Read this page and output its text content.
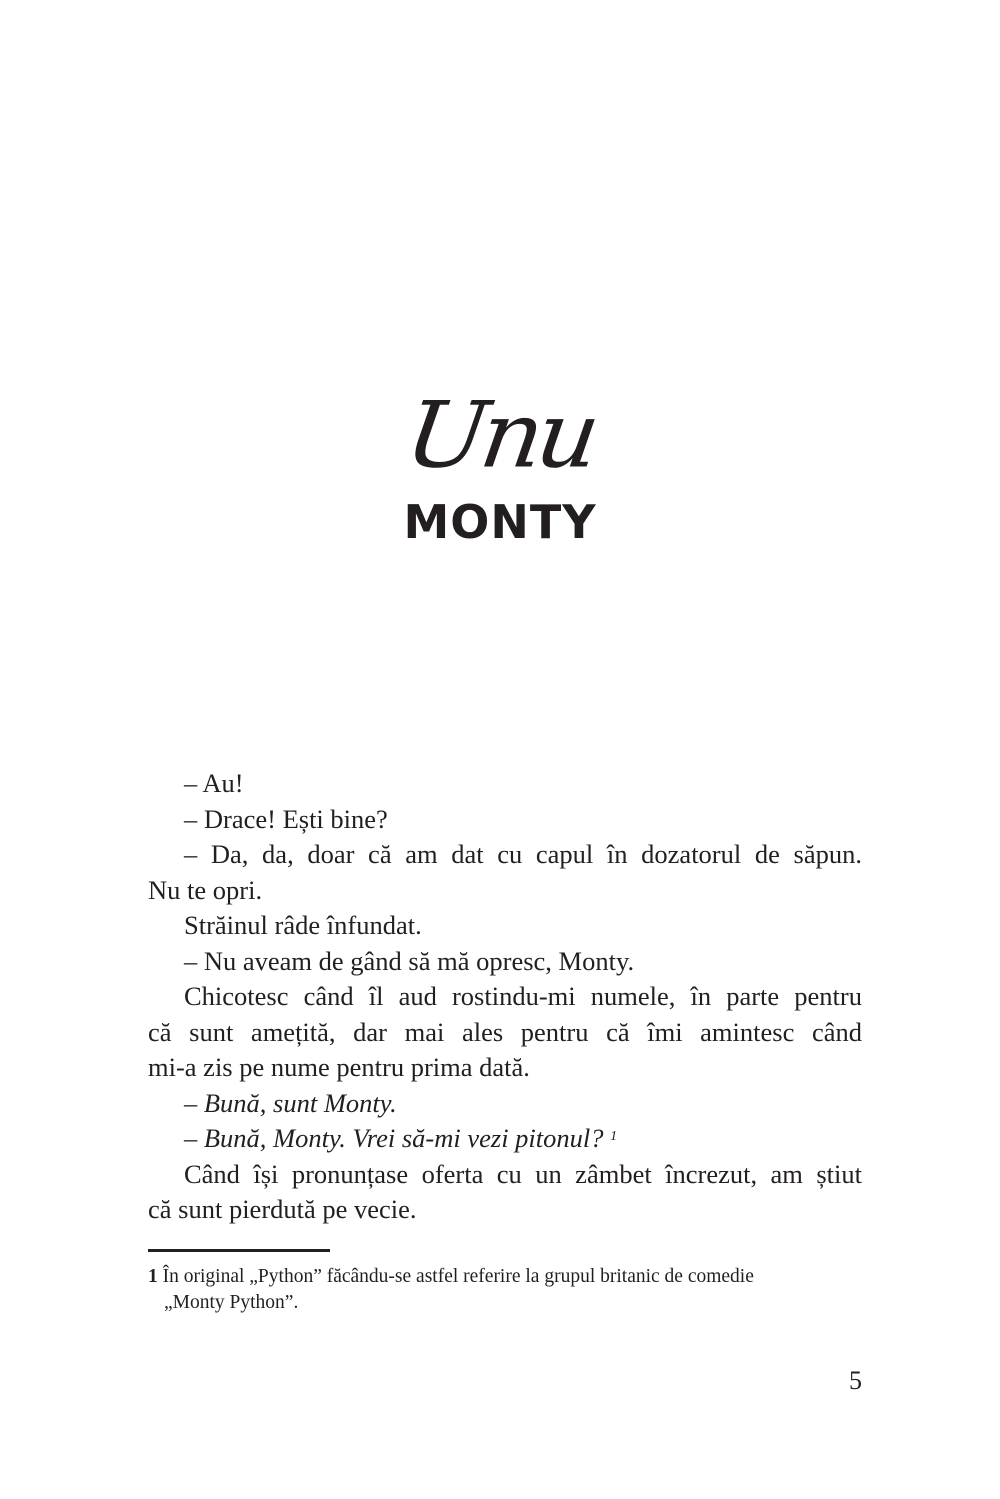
Unu
MONTY
– Au!
– Drace! Ești bine?
– Da, da, doar că am dat cu capul în dozatorul de săpun.
Nu te opri.
Străinul râde înfundat.
– Nu aveam de gând să mă opresc, Monty.
Chicotesc când îl aud rostindu-mi numele, în parte pentru
că sunt amețită, dar mai ales pentru că îmi amintesc când
mi-a zis pe nume pentru prima dată.
– Bună, sunt Monty.
– Bună, Monty. Vrei să-mi vezi pitonul? $^1$
Când își pronunțase oferta cu un zâmbet încrezut, am știut
că sunt pierdută pe vecie.
1 În original „Python” făcându-se astfel referire la grupul britanic de comedie
„Monty Python”.
5
